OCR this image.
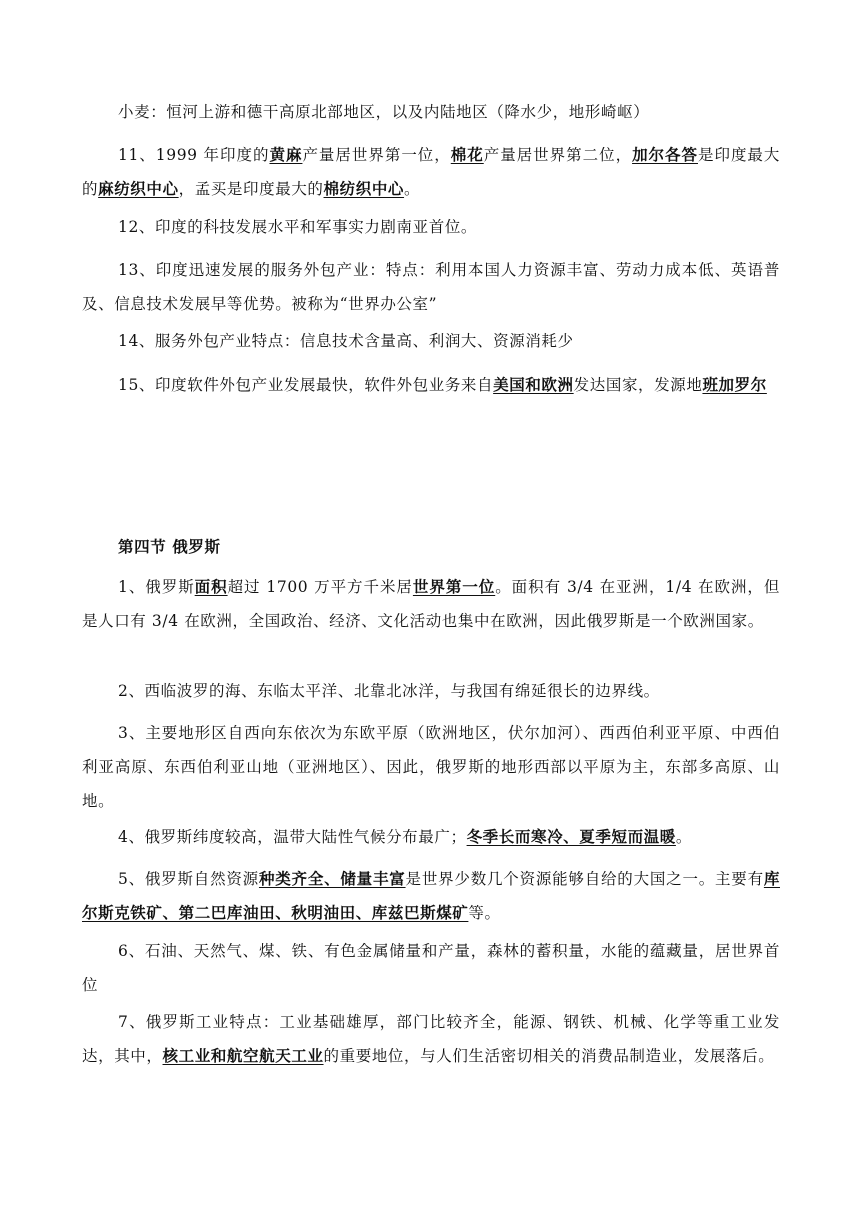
小麦：恒河上游和德干高原北部地区，以及内陆地区（降水少，地形崎岖）

11、1999 年印度的黄麻产量居世界第一位，棉花产量居世界第二位，加尔各答是印度最大的麻纺织中心，孟买是印度最大的棉纺织中心。

12、印度的科技发展水平和军事实力剧南亚首位。

13、印度迅速发展的服务外包产业：特点：利用本国人力资源丰富、劳动力成本低、英语普及、信息技术发展早等优势。被称为“世界办公室”

14、服务外包产业特点：信息技术含量高、利润大、资源消耗少

15、印度软件外包产业发展最快，软件外包业务来自美国和欧洲发达国家，发源地班加罗尔

第四节 俄罗斯

1、俄罗斯面积超过 1700 万平方千米居世界第一位。面积有 3/4 在亚洲，1/4 在欧洲，但是人口有 3/4 在欧洲，全国政治、经济、文化活动也集中在欧洲，因此俄罗斯是一个欧洲国家。

2、西临波罗的海、东临太平洋、北靠北冰洋，与我国有绵延很长的边界线。

3、主要地形区自西向东依次为东欧平原（欧洲地区，伏尔加河）、西西伯利亚平原、中西伯利亚高原、东西伯利亚山地（亚洲地区）、因此，俄罗斯的地形西部以平原为主，东部多高原、山地。

4、俄罗斯纬度较高，温带大陆性气候分布最广；冬季长而寒冷、夏季短而温暖。

5、俄罗斯自然资源种类齐全、储量丰富是世界少数几个资源能够自给的大国之一。主要有库尔斯克铁矿、第二巴库油田、秋明油田、库兹巴斯煤矿等。

6、石油、天然气、煤、铁、有色金属储量和产量，森林的蓄积量，水能的蕴藏量，居世界首位

7、俄罗斯工业特点：工业基础雄厚，部门比较齐全，能源、钢铁、机械、化学等重工业发达，其中，核工业和航空航天工业的重要地位，与人们生活密切相关的消费品制造业，发展落后。
